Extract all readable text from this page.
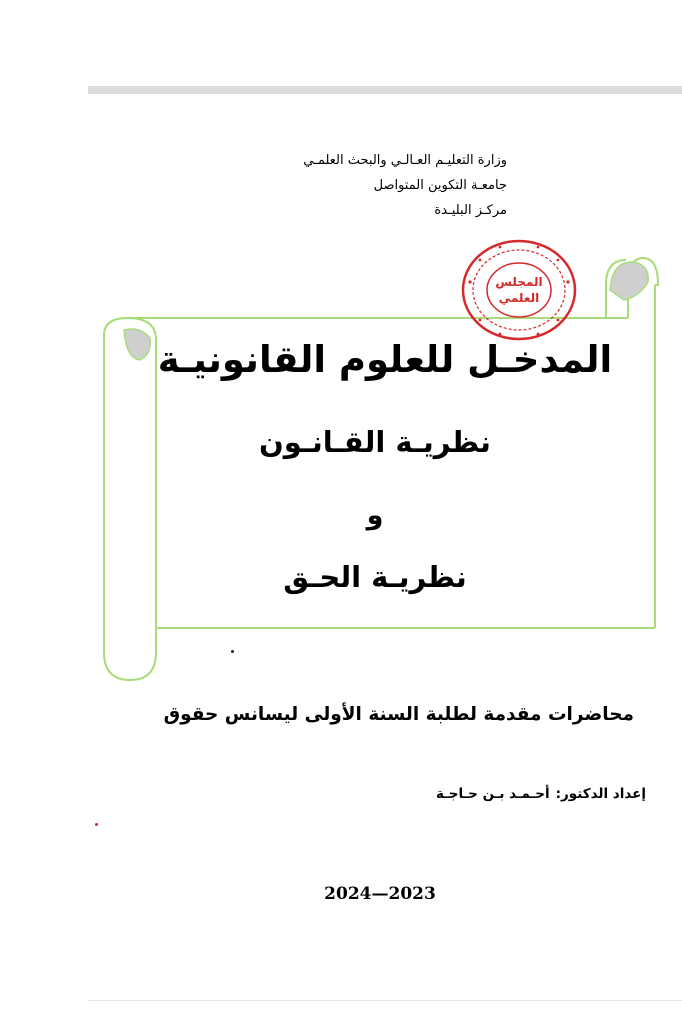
وزارة التعليـم العـالـي والبحث العلمـي
جامعـة التكوين المتواصل
مركـز البليـدة
المجلس
العلمي
المدخـل للعلوم القانونيـة
نظريـة القـانـون
و
نظريـة الحـق
محاضرات مقدمة لطلبة السنة الأولى ليسانس حقوق
إعداد الدكتور:أحـمـد بـن حـاجـة
2024—2023
